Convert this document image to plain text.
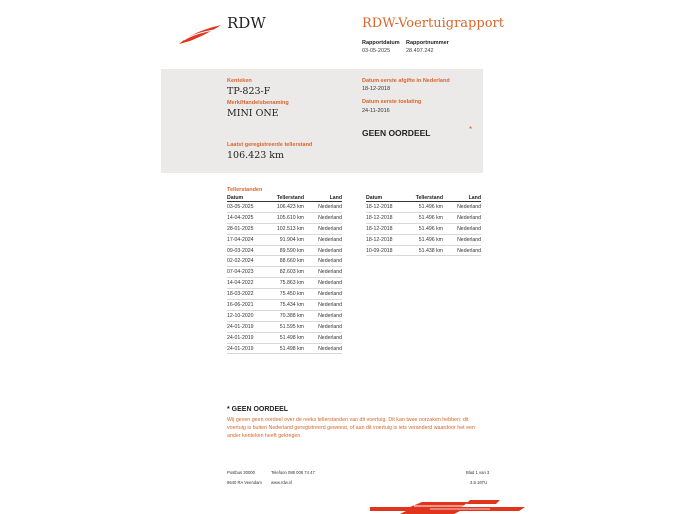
RDW	RDW-Voertuigrapport
Rapportdatum
03-05-2025
Rapportnummer
28.497.242
Kenteken
TP-823-F
Merk/Handelsbenaming
MINI ONE
Laatst geregistreerde tellerstand
106.423 km
Datum eerste afgifte in Nederland
18-12-2018
Datum eerste toelating
24-11-2016
GEEN OORDEEL	*
Tellerstanden
Datum	Tellerstand	Land
03-05-2025	106.423 km	Nederland
14-04-2025	105.610 km	Nederland
28-01-2025	102.513 km	Nederland
17-04-2024	91.904 km	Nederland
09-03-2024	89.590 km	Nederland
02-02-2024	88.660 km	Nederland
07-04-2023	82.603 km	Nederland
14-04-2022	75.863 km	Nederland
18-03-2022	75.450 km	Nederland
16-06-2021	75.434 km	Nederland
12-10-2020	70.388 km	Nederland
24-01-2019	51.595 km	Nederland
24-01-2019	51.498 km	Nederland
24-01-2019	51.498 km	Nederland
Datum	Tellerstand	Land
18-12-2018	51.496 km	Nederland
18-12-2018	51.496 km	Nederland
18-12-2018	51.496 km	Nederland
18-12-2018	51.496 km	Nederland
10-09-2018	51.438 km	Nederland
* GEEN OORDEEL
Wij geven geen oordeel over de reeks tellerstanden van dit voertuig. Dit kan twee oorzaken hebben: dit voertuig is buiten Nederland geregistreerd geweest, of aan dit voertuig is iets veranderd waardoor het een ander kenteken heeft gekregen.
Postbus 30000
9640 RA Veendam
Telefoon 088 008 74 47
www.rdw.nl
Blad 1 van 3
3.8.16TU
